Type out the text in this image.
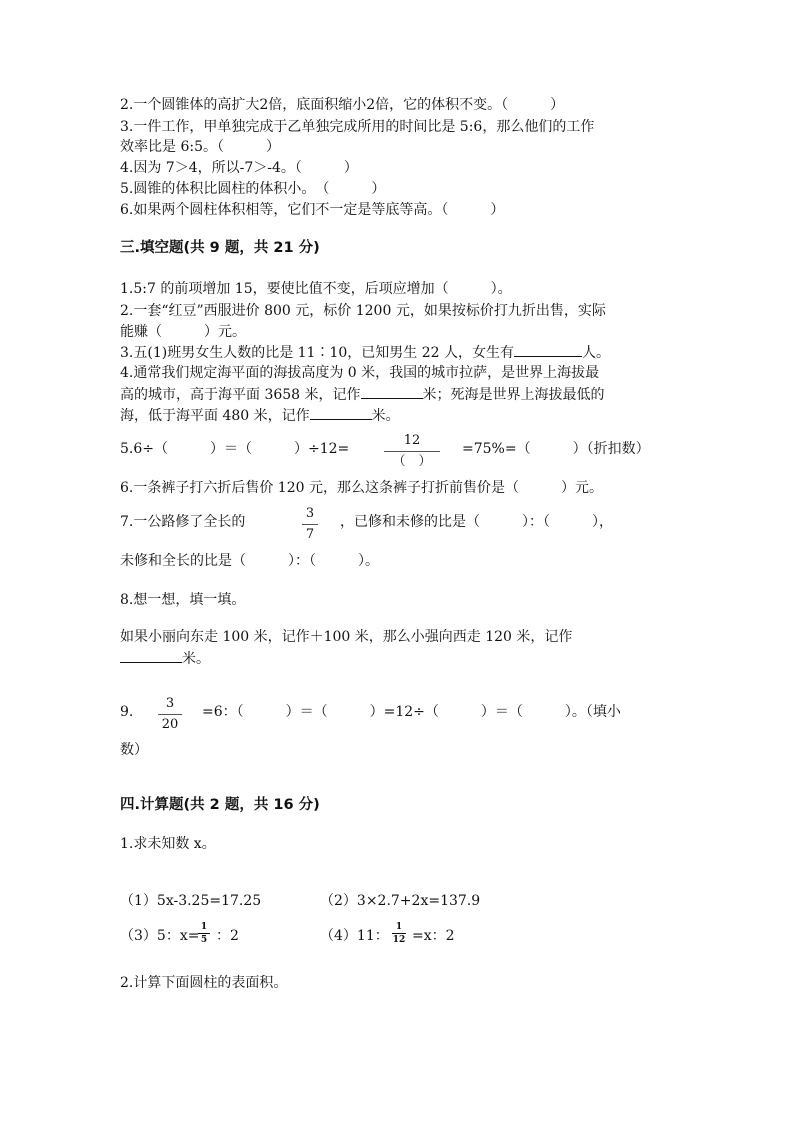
2.一个圆锥体的高扩大2倍，底面积缩小2倍，它的体积不变。（　　　）
3.一件工作，甲单独完成于乙单独完成所用的时间比是 5:6，那么他们的工作
效率比是 6:5。（　　　）
4.因为 7＞4，所以-7＞-4。（　　　）
5.圆锥的体积比圆柱的体积小。　（　　　）
6.如果两个圆柱体积相等，它们不一定是等底等高。（　　　）
三.填空题(共 9 题，共 21 分)
1.5:7 的前项增加 15，要使比值不变，后项应增加（　　　）。
2.一套“红豆”西服进价 800 元，标价 1200 元，如果按标价打九折出售，实际
能赚（　　　）元。
3.五(1)班男女生人数的比是 11∶10，已知男生 22 人，女生有	人。
4.通常我们规定海平面的海拔高度为 0 米，我国的城市拉萨，是世界上海拔最
高的城市，高于海平面 3658 米，记作	米；死海是世界上海拔最低的
海，低于海平面 480 米，记作	米。
5.6÷（　　　）＝（　　　）÷12=
12
（　）
=75%=（　　　）（折扣数）
6.一条裤子打六折后售价 120 元，那么这条裤子打折前售价是（　　　）元。
7.一公路修了全长的
3
7
，已修和未修的比是（　　　）：（　　　），
未修和全长的比是（　　　）：（　　　）。
8.想一想，填一填。
如果小丽向东走 100 米，记作＋100 米，那么小强向西走 120 米，记作
米。
9.
3
20
=6：（　　　）＝（　　　）=12÷（　　　）＝（　　　）。（填小
数）
四.计算题(共 2 题，共 16 分)
1.求未知数 x。
（1）5x-3.25=17.25	（2）3×2.7+2x=137.9
（3）5：x=
1
5 ：2	（4）11：
1
12 =x：2
2.计算下面圆柱的表面积。
